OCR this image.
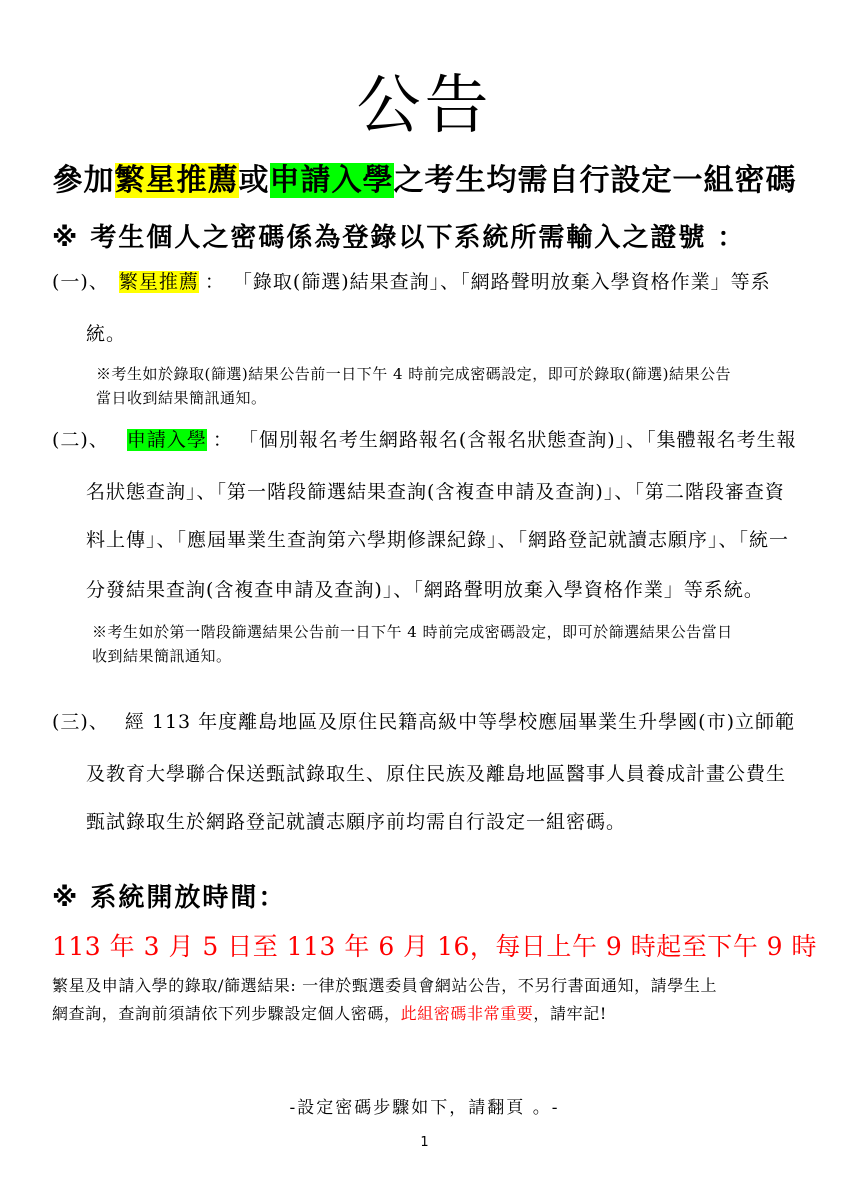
公告
參加繁星推薦或申請入學之考生均需自行設定一組密碼
※ 考生個人之密碼係為登錄以下系統所需輸入之證號 ：
(一)、 繁星推薦 ： 「錄取(篩選)結果查詢」、「網路聲明放棄入學資格作業」等系
統。
※考生如於錄取(篩選)結果公告前一日下午 4 時前完成密碼設定，即可於錄取(篩選)結果公告
當日收到結果簡訊通知。
(二)、 申請入學 ： 「個別報名考生網路報名(含報名狀態查詢)」、「集體報名考生報
名狀態查詢」、「第一階段篩選結果查詢(含複查申請及查詢)」、「第二階段審查資
料上傳」、「應屆畢業生查詢第六學期修課紀錄」、「網路登記就讀志願序」、「統一
分發結果查詢(含複查申請及查詢)」、「網路聲明放棄入學資格作業」等系統。
※考生如於第一階段篩選結果公告前一日下午 4 時前完成密碼設定，即可於篩選結果公告當日
收到結果簡訊通知。
(三)、 經 113 年度離島地區及原住民籍高級中等學校應屆畢業生升學國(市)立師範
及教育大學聯合保送甄試錄取生、原住民族及離島地區醫事人員養成計畫公費生
甄試錄取生於網路登記就讀志願序前均需自行設定一組密碼。
※ 系統開放時間：
113 年 3 月 5 日至 113 年 6 月 16，每日上午 9 時起至下午 9 時
繁星及申請入學的錄取/篩選結果: 一律於甄選委員會網站公告，不另行書面通知，請學生上
網查詢，查詢前須請依下列步驟設定個人密碼，此組密碼非常重要，請牢記!
-設定密碼步驟如下，請翻頁 。-
1
